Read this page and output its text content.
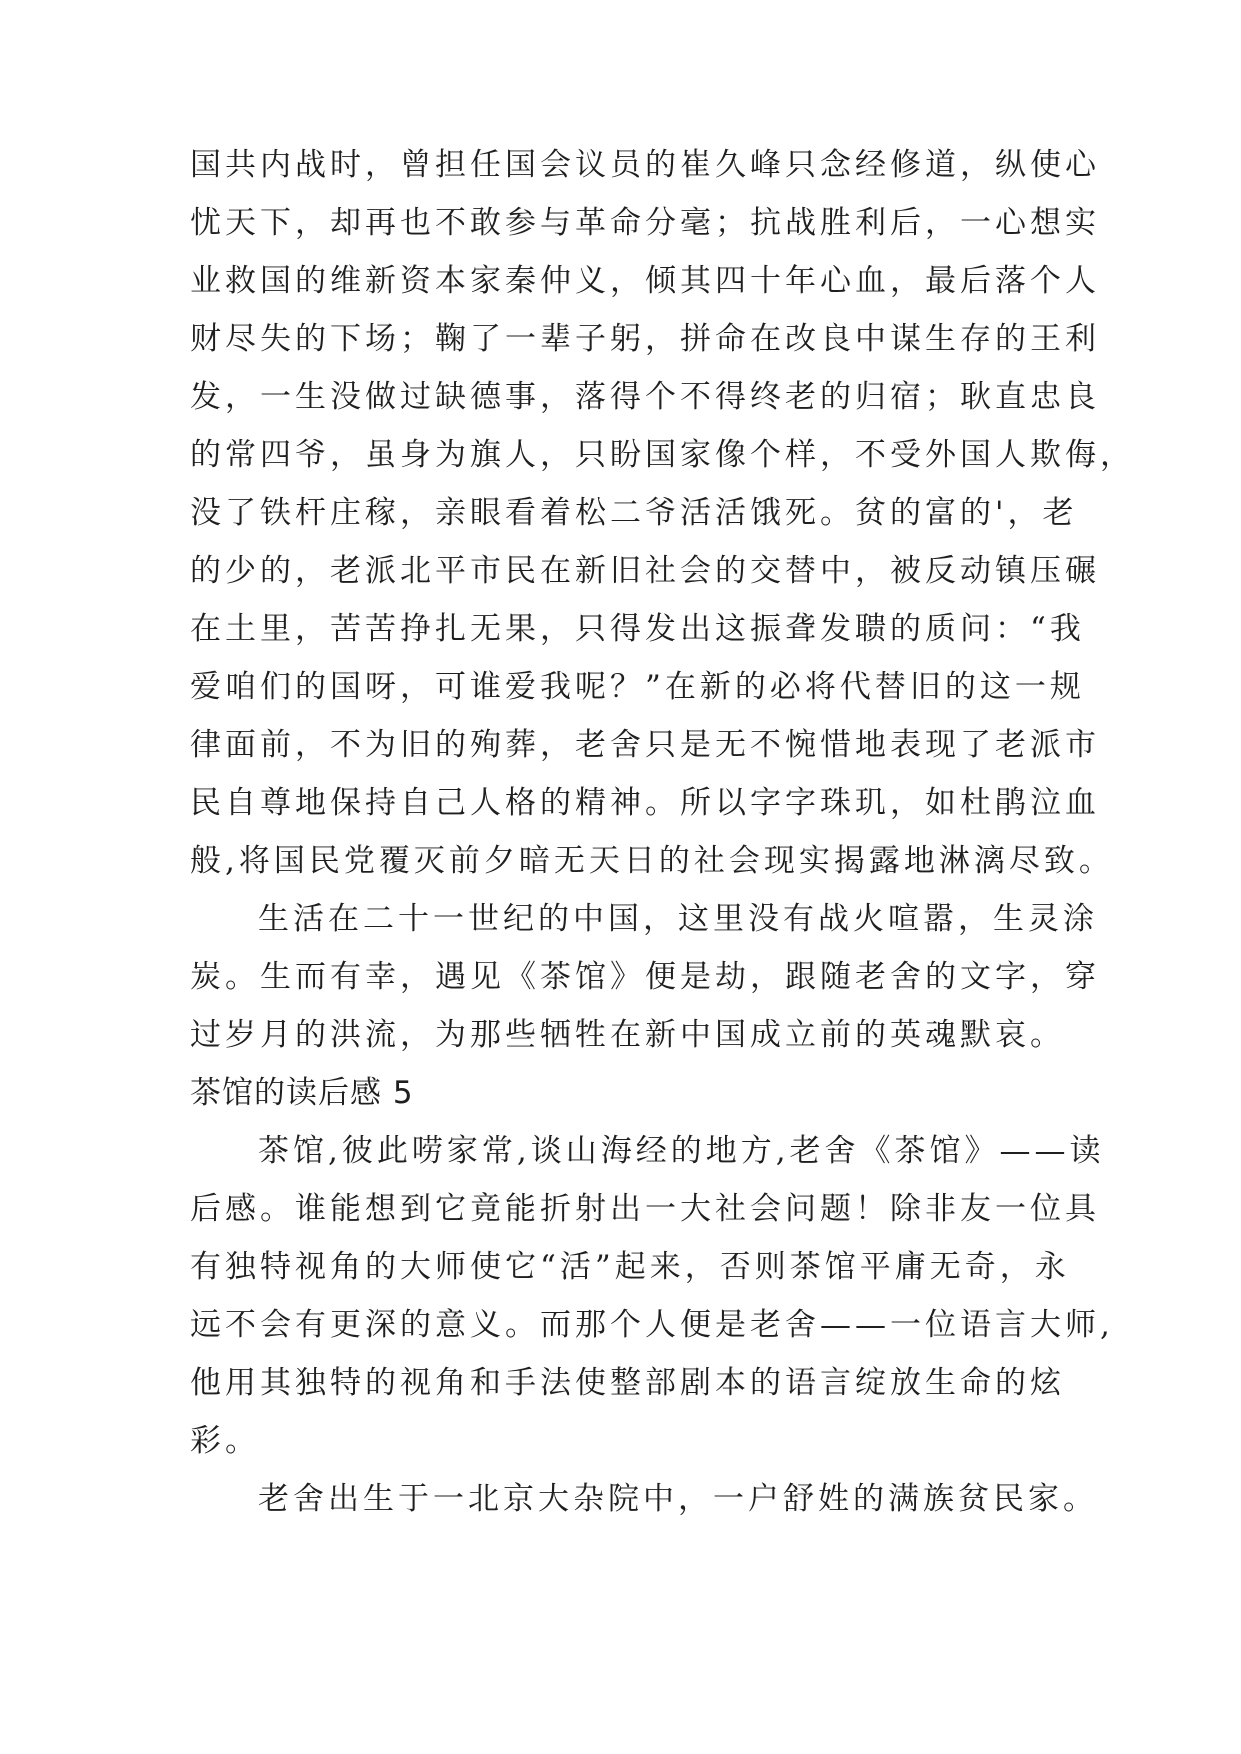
国共内战时，曾担任国会议员的崔久峰只念经修道，纵使心
忧天下，却再也不敢参与革命分毫；抗战胜利后，一心想实
业救国的维新资本家秦仲义，倾其四十年心血，最后落个人
财尽失的下场；鞠了一辈子躬，拼命在改良中谋生存的王利
发，一生没做过缺德事，落得个不得终老的归宿；耿直忠良
的常四爷，虽身为旗人，只盼国家像个样，不受外国人欺侮，
没了铁杆庄稼，亲眼看着松二爷活活饿死。贫的富的'，老
的少的，老派北平市民在新旧社会的交替中，被反动镇压碾
在土里，苦苦挣扎无果，只得发出这振聋发聩的质问：“我
爱咱们的国呀，可谁爱我呢？”在新的必将代替旧的这一规
律面前，不为旧的殉葬，老舍只是无不惋惜地表现了老派市
民自尊地保持自己人格的精神。所以字字珠玑，如杜鹃泣血
般,将国民党覆灭前夕暗无天日的社会现实揭露地淋漓尽致。
生活在二十一世纪的中国，这里没有战火喧嚣，生灵涂
炭。生而有幸，遇见《茶馆》便是劫，跟随老舍的文字，穿
过岁月的洪流，为那些牺牲在新中国成立前的英魂默哀。
茶馆的读后感 5
茶馆,彼此唠家常,谈山海经的地方,老舍《茶馆》——读
后感。谁能想到它竟能折射出一大社会问题！除非友一位具
有独特视角的大师使它“活”起来，否则茶馆平庸无奇，永
远不会有更深的意义。而那个人便是老舍——一位语言大师,
他用其独特的视角和手法使整部剧本的语言绽放生命的炫
彩。
老舍出生于一北京大杂院中，一户舒姓的满族贫民家。
